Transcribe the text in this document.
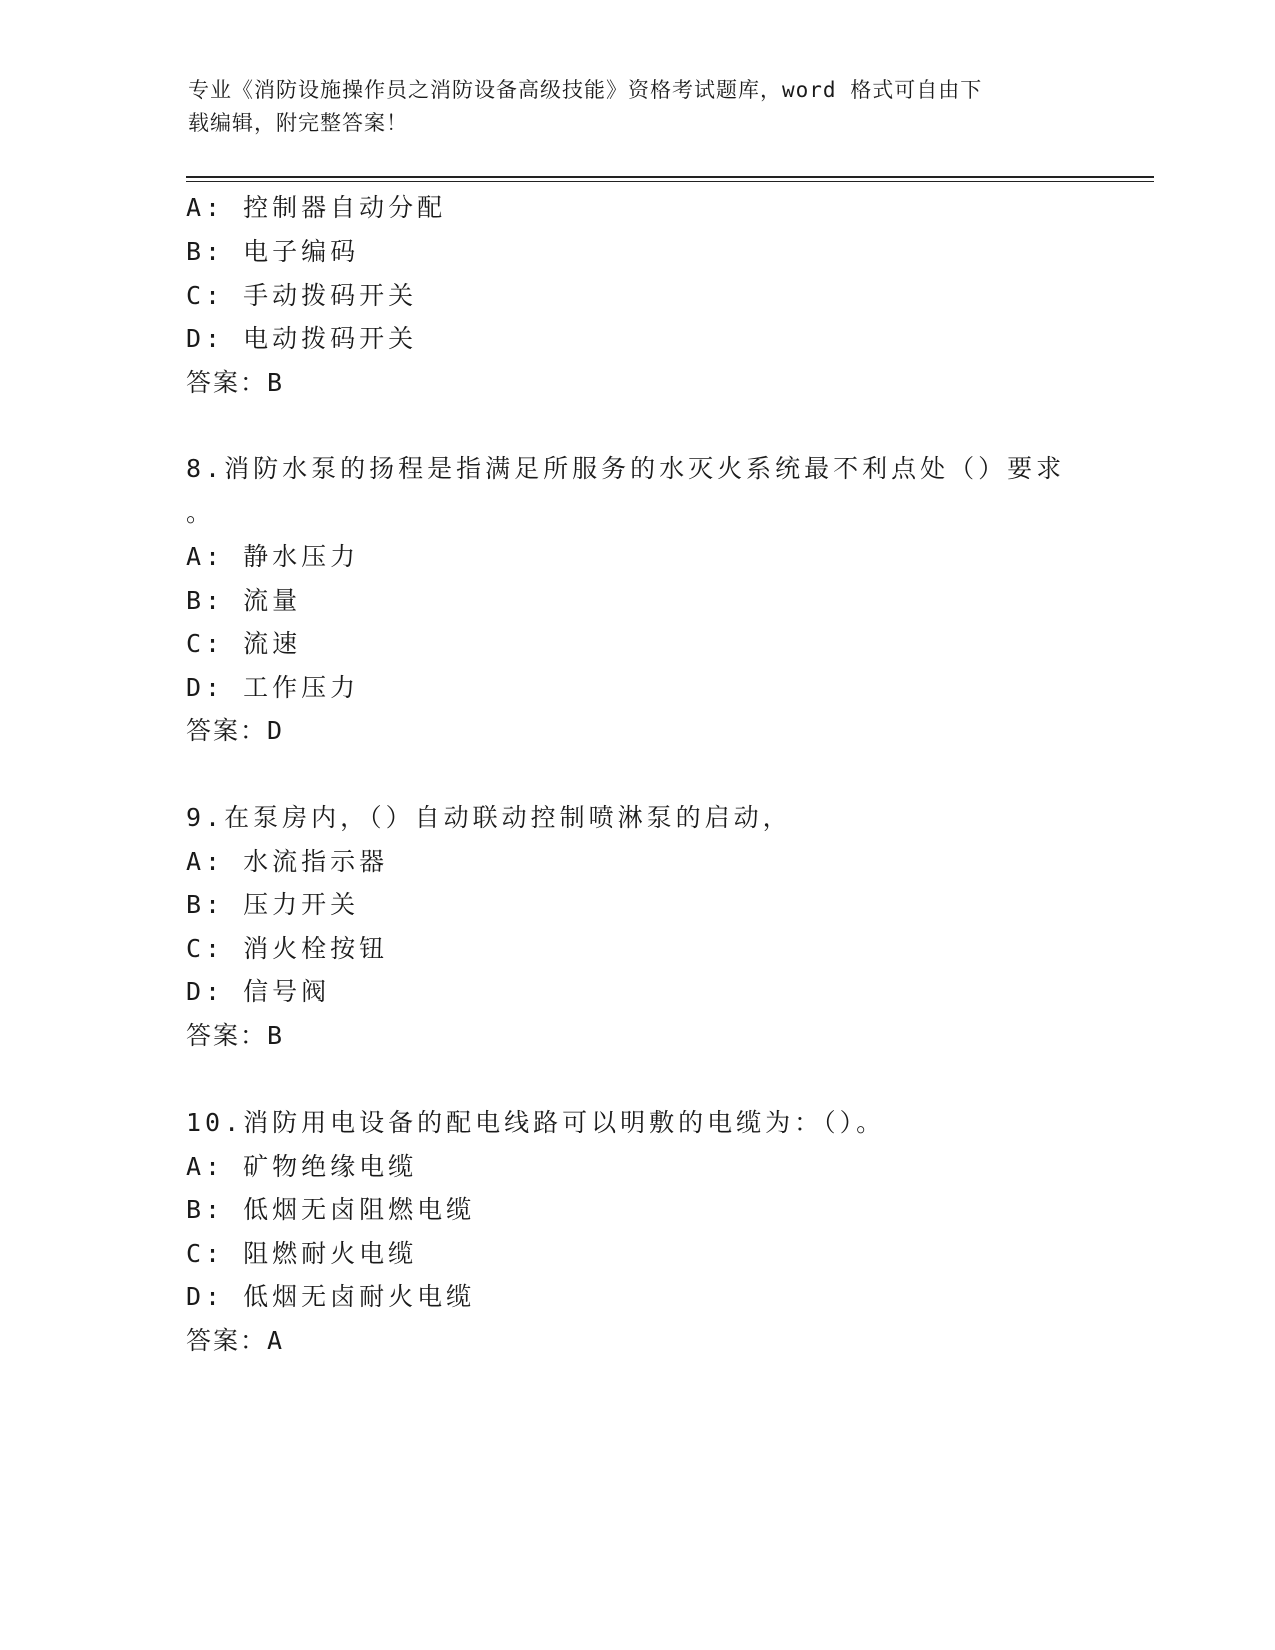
专业《消防设施操作员之消防设备高级技能》资格考试题库，word 格式可自由下
载编辑，附完整答案！
A: 控制器自动分配
B: 电子编码
C: 手动拨码开关
D: 电动拨码开关
答案：B
8.消防水泵的扬程是指满足所服务的水灭火系统最不利点处（）要求
。
A: 静水压力
B: 流量
C: 流速
D: 工作压力
答案：D
9.在泵房内，（）自动联动控制喷淋泵的启动，
A: 水流指示器
B: 压力开关
C: 消火栓按钮
D: 信号阀
答案：B
10.消防用电设备的配电线路可以明敷的电缆为：（）。
A: 矿物绝缘电缆
B: 低烟无卤阻燃电缆
C: 阻燃耐火电缆
D: 低烟无卤耐火电缆
答案：A
